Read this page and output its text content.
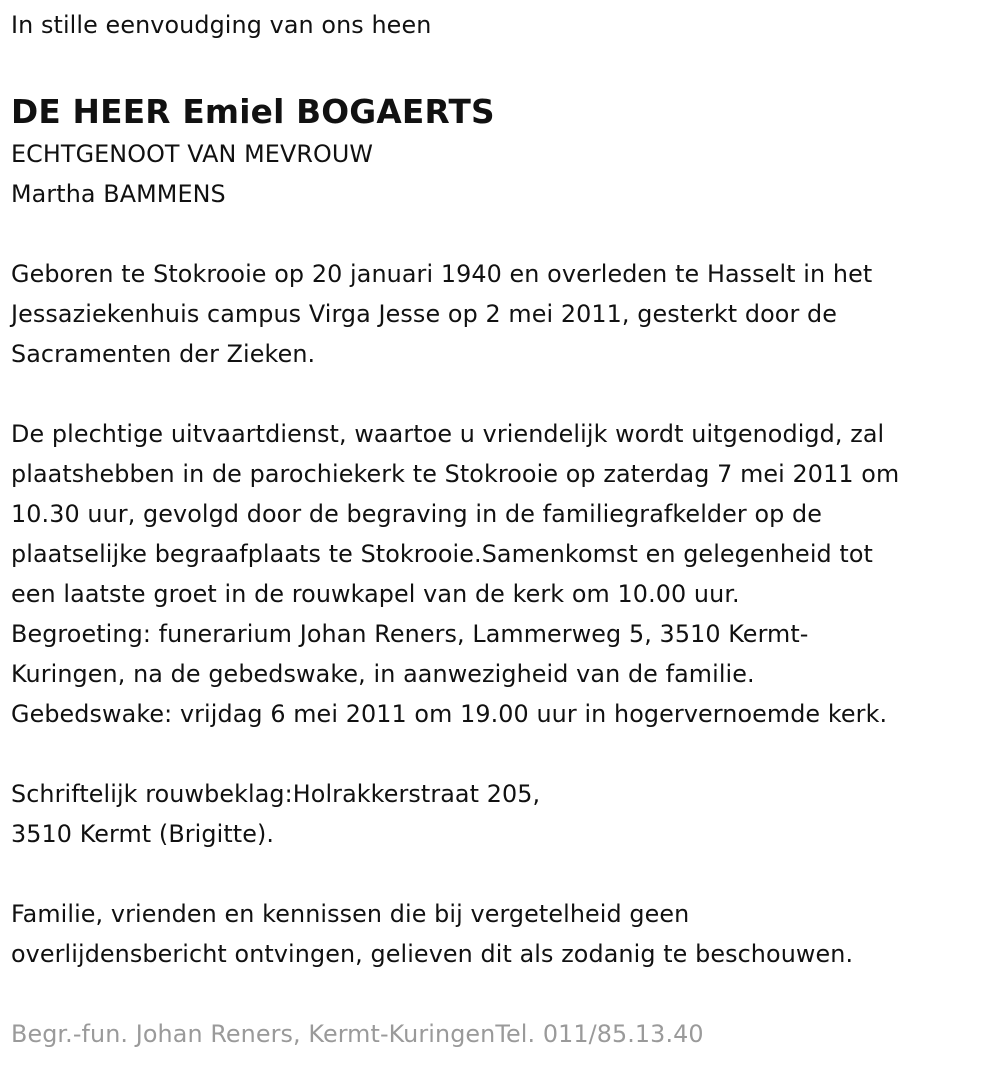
In stille eenvoudging van ons heen
DE HEER Emiel BOGAERTS
ECHTGENOOT VAN MEVROUW
Martha BAMMENS
Geboren te Stokrooie op 20 januari 1940 en overleden te Hasselt in het
Jessaziekenhuis campus Virga Jesse op 2 mei 2011, gesterkt door de
Sacramenten der Zieken.
De plechtige uitvaartdienst, waartoe u vriendelijk wordt uitgenodigd, zal
plaatshebben in de parochiekerk te Stokrooie op zaterdag 7 mei 2011 om
10.30 uur, gevolgd door de begraving in de familiegrafkelder op de
plaatselijke begraafplaats te Stokrooie.Samenkomst en gelegenheid tot
een laatste groet in de rouwkapel van de kerk om 10.00 uur.
Begroeting: funerarium Johan Reners, Lammerweg 5, 3510 Kermt-
Kuringen, na de gebedswake, in aanwezigheid van de familie.
Gebedswake: vrijdag 6 mei 2011 om 19.00 uur in hogervernoemde kerk.
Schriftelijk rouwbeklag:Holrakkerstraat 205,
3510 Kermt (Brigitte).
Familie, vrienden en kennissen die bij vergetelheid geen
overlijdensbericht ontvingen, gelieven dit als zodanig te beschouwen.
Begr.-fun. Johan Reners, Kermt-KuringenTel. 011/85.13.40
